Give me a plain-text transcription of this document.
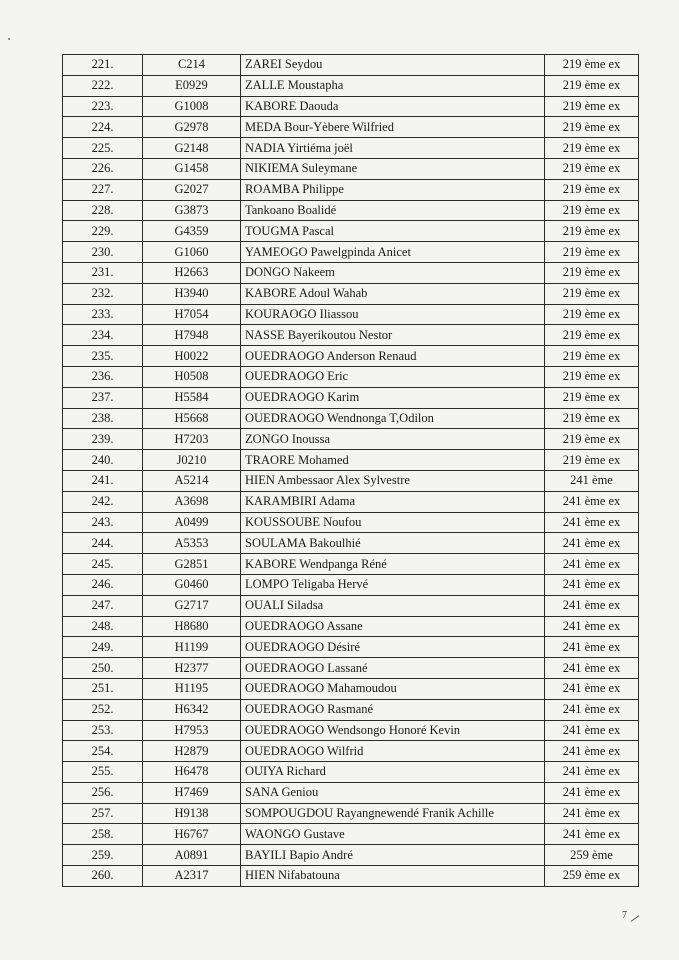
221.	C214	ZAREI Seydou	219 ème ex
222.	E0929	ZALLE Moustapha	219 ème ex
223.	G1008	KABORE Daouda	219 ème ex
224.	G2978	MEDA Bour-Yèbere Wilfried	219 ème ex
225.	G2148	NADIA Yirtiéma joël	219 ème ex
226.	G1458	NIKIEMA Suleymane	219 ème ex
227.	G2027	ROAMBA Philippe	219 ème ex
228.	G3873	Tankoano Boalidé	219 ème ex
229.	G4359	TOUGMA Pascal	219 ème ex
230.	G1060	YAMEOGO Pawelgpinda Anicet	219 ème ex
231.	H2663	DONGO Nakeem	219 ème ex
232.	H3940	KABORE Adoul Wahab	219 ème ex
233.	H7054	KOURAOGO Iliassou	219 ème ex
234.	H7948	NASSE Bayerikoutou Nestor	219 ème ex
235.	H0022	OUEDRAOGO Anderson Renaud	219 ème ex
236.	H0508	OUEDRAOGO Eric	219 ème ex
237.	H5584	OUEDRAOGO Karim	219 ème ex
238.	H5668	OUEDRAOGO Wendnonga T,Odilon	219 ème ex
239.	H7203	ZONGO Inoussa	219 ème ex
240.	J0210	TRAORE Mohamed	219 ème ex
241.	A5214	HIEN Ambessaor Alex Sylvestre	241 ème
242.	A3698	KARAMBIRI Adama	241 ème ex
243.	A0499	KOUSSOUBE Noufou	241 ème ex
244.	A5353	SOULAMA Bakoulhié	241 ème ex
245.	G2851	KABORE Wendpanga Réné	241 ème ex
246.	G0460	LOMPO Teligaba Hervé	241 ème ex
247.	G2717	OUALI Siladsa	241 ème ex
248.	H8680	OUEDRAOGO Assane	241 ème ex
249.	H1199	OUEDRAOGO Désiré	241 ème ex
250.	H2377	OUEDRAOGO Lassané	241 ème ex
251.	H1195	OUEDRAOGO Mahamoudou	241 ème ex
252.	H6342	OUEDRAOGO Rasmané	241 ème ex
253.	H7953	OUEDRAOGO Wendsongo Honoré Kevin	241 ème ex
254.	H2879	OUEDRAOGO Wilfrid	241 ème ex
255.	H6478	OUIYA Richard	241 ème ex
256.	H7469	SANA Geniou	241 ème ex
257.	H9138	SOMPOUGDOU Rayangnewendé Franik Achille	241 ème ex
258.	H6767	WAONGO Gustave	241 ème ex
259.	A0891	BAYILI Bapio André	259 ème
260.	A2317	HIEN Nifabatouna	259 ème ex
7
